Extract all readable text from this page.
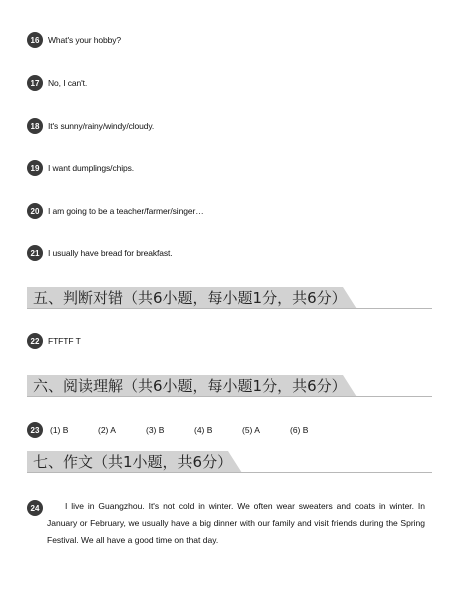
16	What's your hobby?
17	No, I can't.
18	It's sunny/rainy/windy/cloudy.
19	I want dumplings/chips.
20	I am going to be a teacher/farmer/singer…
21	I usually have bread for breakfast.
五、判断对错（共6小题，每小题1分，共6分）
22	FTFTF T
六、阅读理解（共6小题，每小题1分，共6分）
23	(1) B	(2) A	(3) B	(4) B	(5) A	(6) B
七、作文（共1小题，共6分）
24	I live in Guangzhou. It's not cold in winter. We often wear sweaters and coats in winter. In January or February, we usually have a big dinner with our family and visit friends during the Spring Festival. We all have a good time on that day.
